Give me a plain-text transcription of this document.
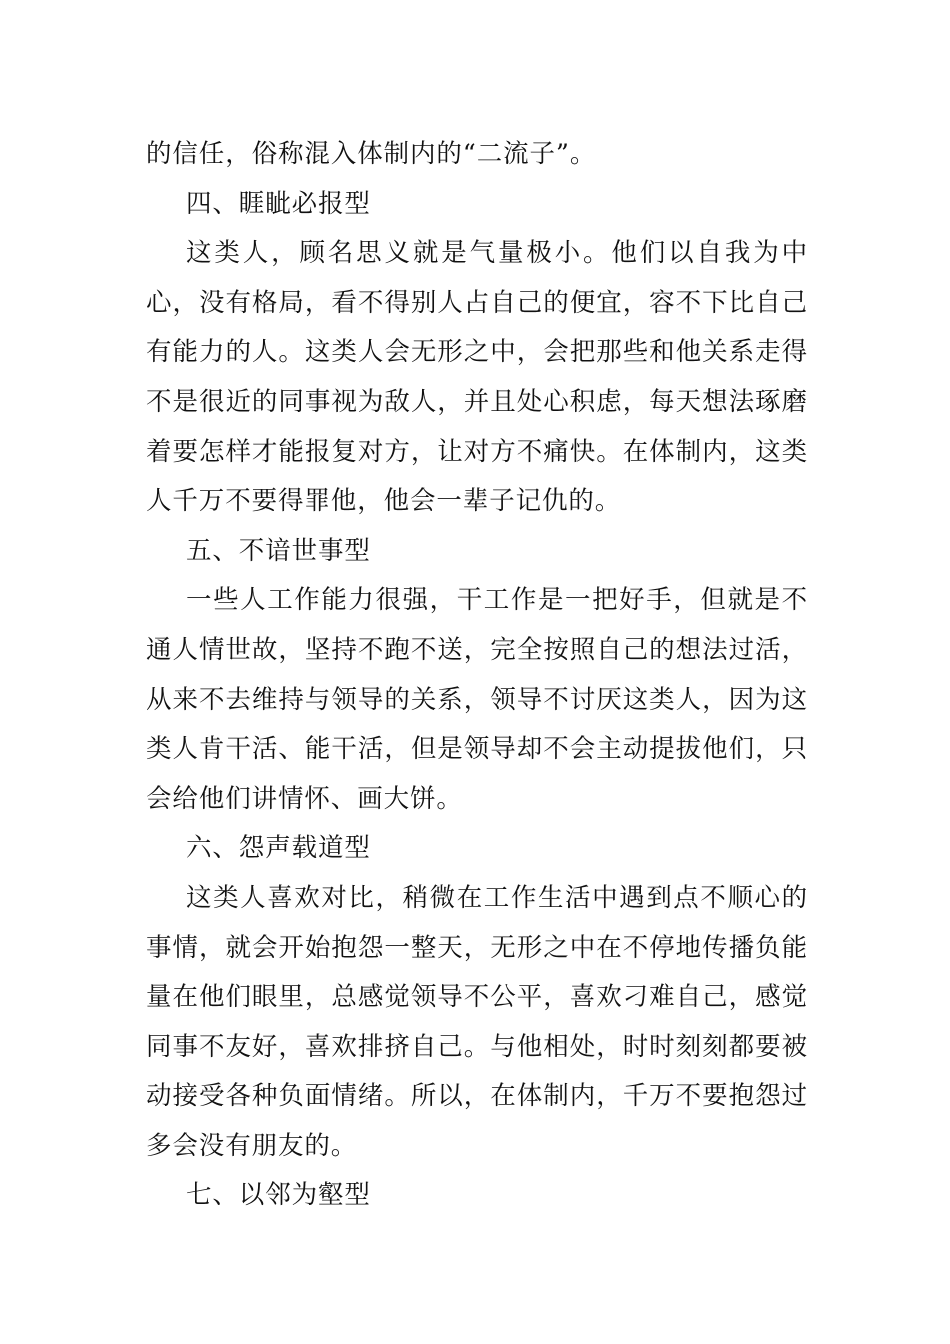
的信任，俗称混入体制内的“二流子”。

四、睚眦必报型

这类人，顾名思义就是气量极小。他们以自我为中心，没有格局，看不得别人占自己的便宜，容不下比自己有能力的人。这类人会无形之中，会把那些和他关系走得不是很近的同事视为敌人，并且处心积虑，每天想法琢磨着要怎样才能报复对方，让对方不痛快。在体制内，这类人千万不要得罪他，他会一辈子记仇的。

五、不谙世事型

一些人工作能力很强，干工作是一把好手，但就是不通人情世故，坚持不跑不送，完全按照自己的想法过活，从来不去维持与领导的关系，领导不讨厌这类人，因为这类人肯干活、能干活，但是领导却不会主动提拔他们，只会给他们讲情怀、画大饼。

六、怨声载道型

这类人喜欢对比，稍微在工作生活中遇到点不顺心的事情，就会开始抱怨一整天，无形之中在不停地传播负能量在他们眼里，总感觉领导不公平，喜欢刁难自己，感觉同事不友好，喜欢排挤自己。与他相处，时时刻刻都要被动接受各种负面情绪。所以，在体制内，千万不要抱怨过多会没有朋友的。

七、以邻为壑型
